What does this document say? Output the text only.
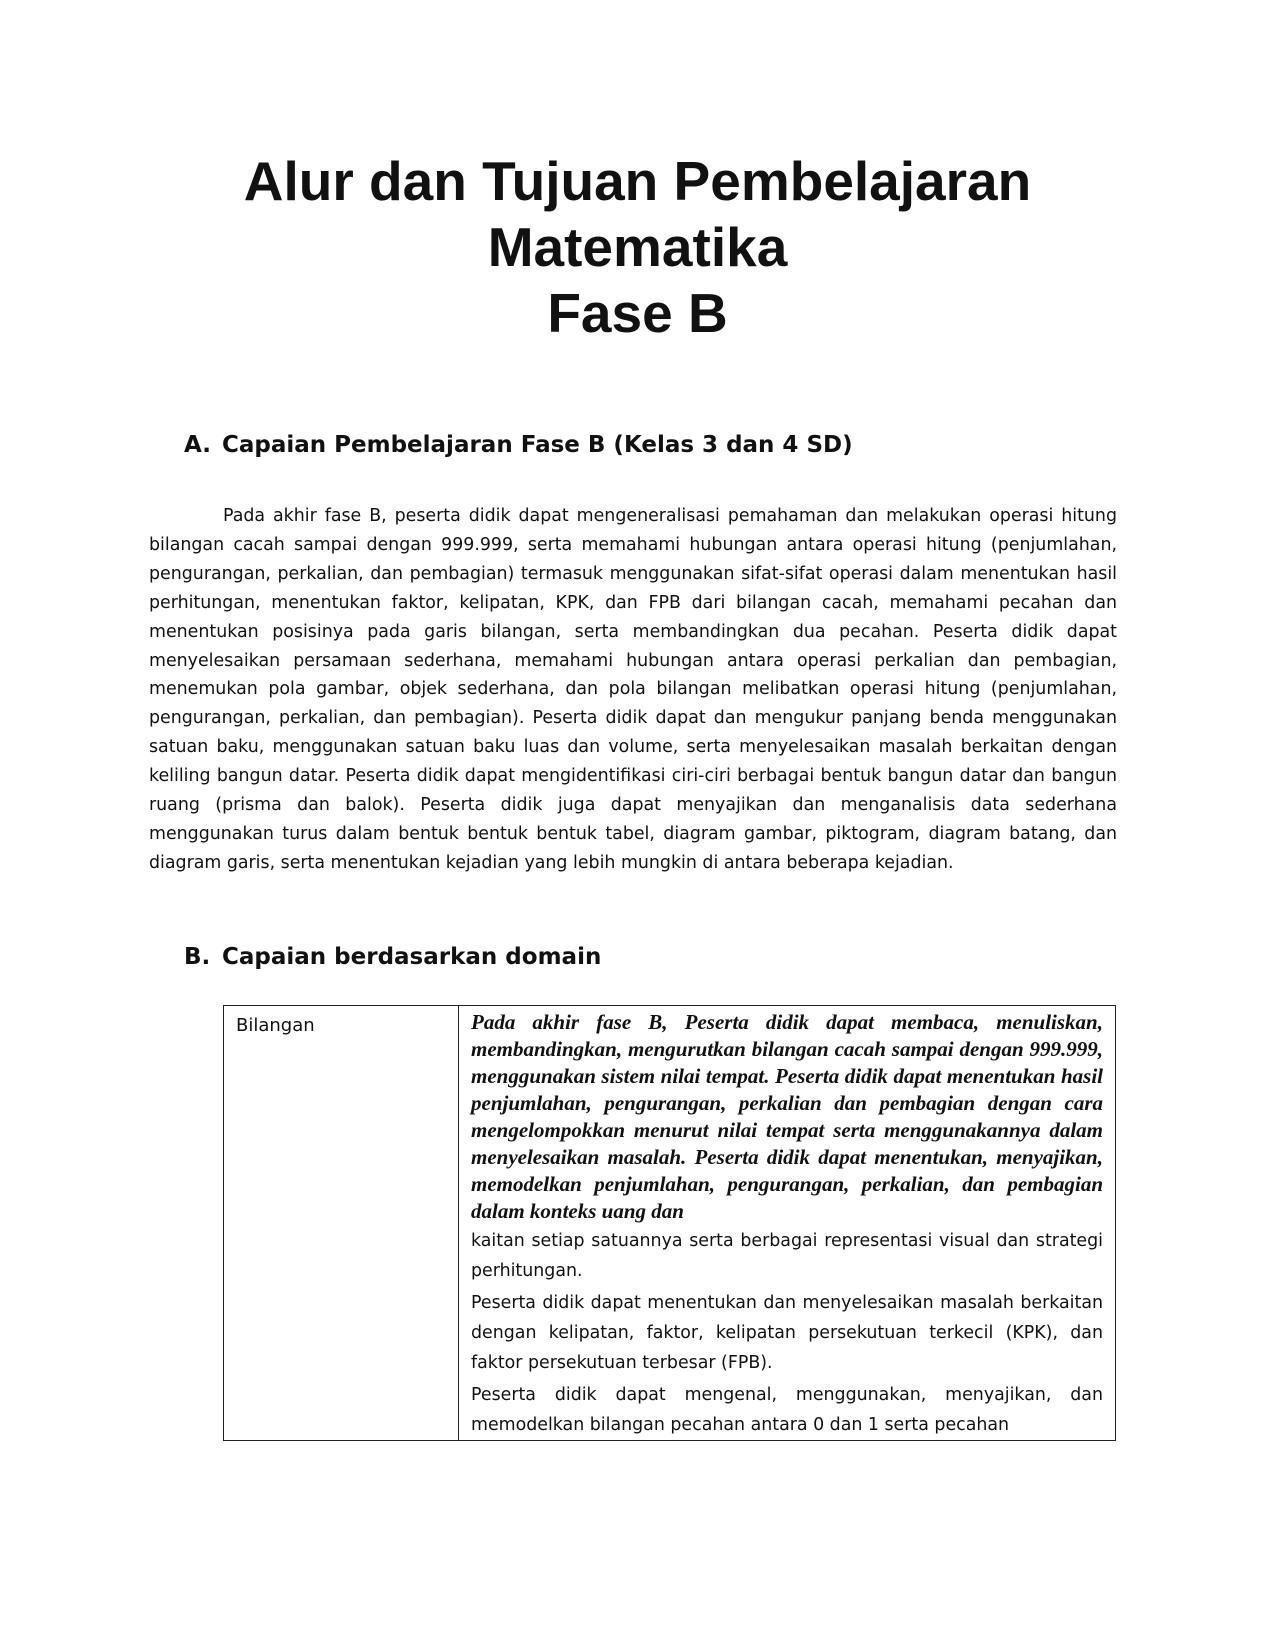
Alur dan Tujuan Pembelajaran
Matematika
Fase B
A. Capaian Pembelajaran Fase B (Kelas 3 dan 4 SD)

Pada akhir fase B, peserta didik dapat mengeneralisasi pemahaman dan melakukan operasi hitung bilangan cacah sampai dengan 999.999, serta memahami hubungan antara operasi hitung (penjumlahan, pengurangan, perkalian, dan pembagian) termasuk menggunakan sifat-sifat operasi dalam menentukan hasil perhitungan, menentukan faktor, kelipatan, KPK, dan FPB dari bilangan cacah, memahami pecahan dan menentukan posisinya pada garis bilangan, serta membandingkan dua pecahan. Peserta didik dapat menyelesaikan persamaan sederhana, memahami hubungan antara operasi perkalian dan pembagian, menemukan pola gambar, objek sederhana, dan pola bilangan melibatkan operasi hitung (penjumlahan, pengurangan, perkalian, dan pembagian). Peserta didik dapat dan mengukur panjang benda menggunakan satuan baku, menggunakan satuan baku luas dan volume, serta menyelesaikan masalah berkaitan dengan keliling bangun datar. Peserta didik dapat mengidentifikasi ciri-ciri berbagai bentuk bangun datar dan bangun ruang (prisma dan balok). Peserta didik juga dapat menyajikan dan menganalisis data sederhana menggunakan turus dalam bentuk bentuk bentuk tabel, diagram gambar, piktogram, diagram batang, dan diagram garis, serta menentukan kejadian yang lebih mungkin di antara beberapa kejadian.

B. Capaian berdasarkan domain
Bilangan	Pada akhir fase B, Peserta didik dapat membaca, menuliskan, membandingkan, mengurutkan bilangan cacah sampai dengan 999.999, menggunakan sistem nilai tempat. Peserta didik dapat menentukan hasil penjumlahan, pengurangan, perkalian dan pembagian dengan cara mengelompokkan menurut nilai tempat serta menggunakannya dalam menyelesaikan masalah. Peserta didik dapat menentukan, menyajikan, memodelkan penjumlahan, pengurangan, perkalian, dan pembagian dalam konteks uang dan

kaitan setiap satuannya serta berbagai representasi visual dan strategi perhitungan.

Peserta didik dapat menentukan dan menyelesaikan masalah berkaitan dengan kelipatan, faktor, kelipatan persekutuan terkecil (KPK), dan faktor persekutuan terbesar (FPB).

Peserta didik dapat mengenal, menggunakan, menyajikan, dan memodelkan bilangan pecahan antara 0 dan 1 serta pecahan
